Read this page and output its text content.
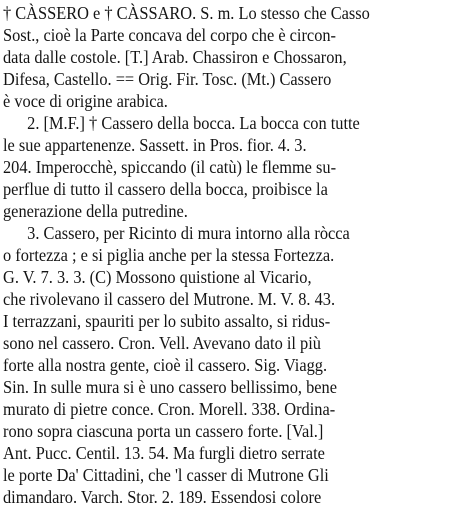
† CÀSSERO e † CÀSSARO. S. m. Lo stesso che Casso
Sost., cioè la Parte concava del corpo che è circon-
data dalle costole. [T.] Arab. Chassiron e Chossaron,
Difesa, Castello. == Orig. Fir. Tosc. (Mt.) Cassero
è voce di origine arabica.
2. [M.F.] † Cassero della bocca. La bocca con tutte
le sue appartenenze. Sassett. in Pros. fior. 4. 3.
204. Imperocchè, spiccando (il catù) le flemme su-
perflue di tutto il cassero della bocca, proibisce la
generazione della putredine.
3. Cassero, per Ricinto di mura intorno alla ròcca
o fortezza ; e si piglia anche per la stessa Fortezza.
G. V. 7. 3. 3. (C) Mossono quistione al Vicario,
che rivolevano il cassero del Mutrone. M. V. 8. 43.
I terrazzani, spauriti per lo subito assalto, si ridus-
sono nel cassero. Cron. Vell. Avevano dato il più
forte alla nostra gente, cioè il cassero. Sig. Viagg.
Sin. In sulle mura si è uno cassero bellissimo, bene
murato di pietre conce. Cron. Morell. 338. Ordina-
rono sopra ciascuna porta un cassero forte. [Val.]
Ant. Pucc. Centil. 13. 54. Ma furgli dietro serrate
le porte Da' Cittadini, che 'l casser di Mutrone Gli
dimandaro. Varch. Stor. 2. 189. Essendosi colore
